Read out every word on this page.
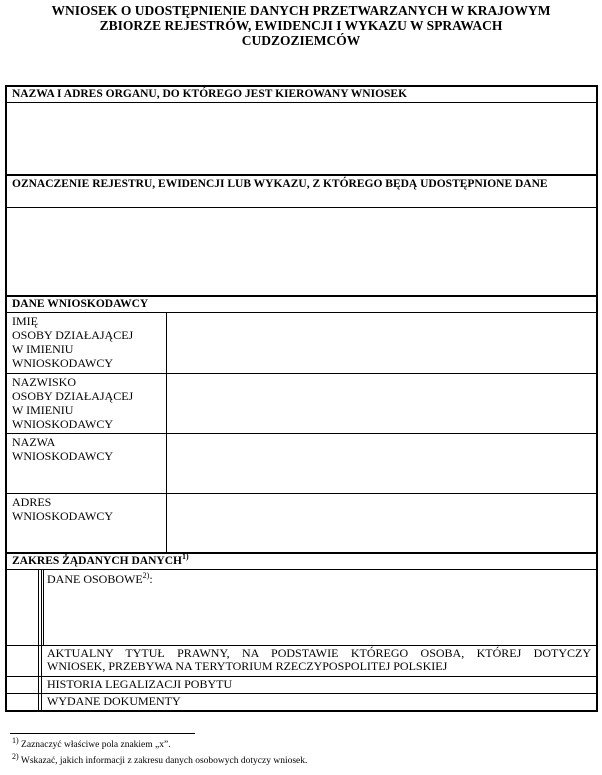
WNIOSEK O UDOSTĘPNIENIE DANYCH PRZETWARZANYCH W KRAJOWYM
ZBIORZE REJESTRÓW, EWIDENCJI I WYKAZU W SPRAWACH
CUDZOZIEMCÓW
NAZWA I ADRES ORGANU, DO KTÓREGO JEST KIEROWANY WNIOSEK
OZNACZENIE REJESTRU, EWIDENCJI LUB WYKAZU, Z KTÓREGO BĘDĄ UDOSTĘPNIONE DANE
DANE WNIOSKODAWCY
IMIĘ
OSOBY DZIAŁAJĄCEJ
W IMIENIU
WNIOSKODAWCY
NAZWISKO
OSOBY DZIAŁAJĄCEJ
W IMIENIU
WNIOSKODAWCY
NAZWA
WNIOSKODAWCY
ADRES
WNIOSKODAWCY
ZAKRES ŻĄDANYCH DANYCH$^{1)}$
DANE OSOBOWE$^{2)}$:
AKTUALNY TYTUŁ PRAWNY, NA PODSTAWIE KTÓREGO OSOBA, KTÓREJ DOTYCZY
WNIOSEK, PRZEBYWA NA TERYTORIUM RZECZYPOSPOLITEJ POLSKIEJ
HISTORIA LEGALIZACJI POBYTU
WYDANE DOKUMENTY
$^{1)}$ Zaznaczyć właściwe pola znakiem „x”.
$^{2)}$ Wskazać, jakich informacji z zakresu danych osobowych dotyczy wniosek.
